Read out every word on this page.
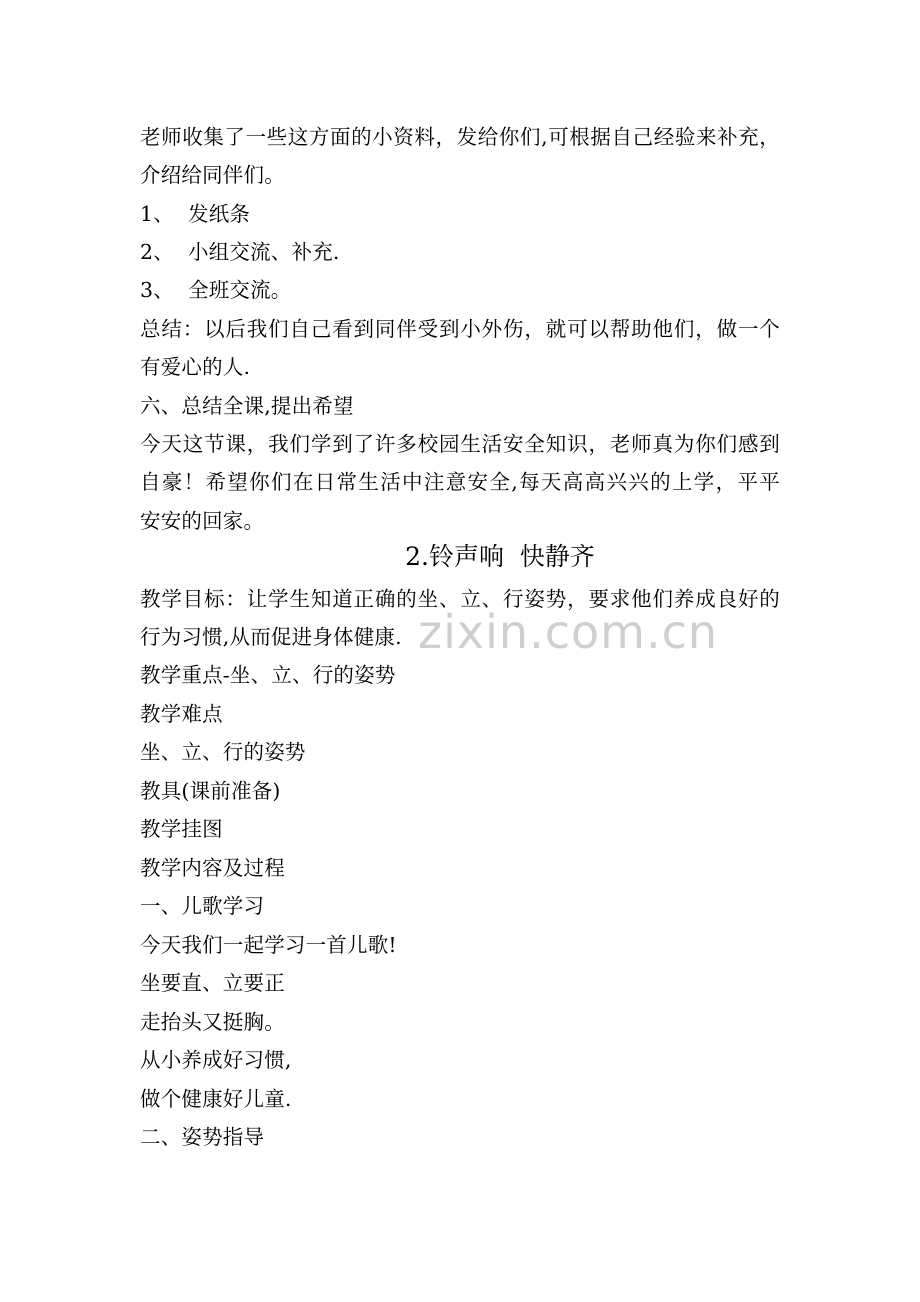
老师收集了一些这方面的小资料，发给你们,可根据自己经验来补充，
介绍给同伴们。
1、 发纸条
2、 小组交流、补充.
3、 全班交流。
总结：以后我们自己看到同伴受到小外伤，就可以帮助他们，做一个
有爱心的人.
六、总结全课,提出希望
今天这节课，我们学到了许多校园生活安全知识，老师真为你们感到
自豪！希望你们在日常生活中注意安全,每天高高兴兴的上学，平平
安安的回家。
2.铃声响  快静齐
zixin.com.cn
教学目标：让学生知道正确的坐、立、行姿势，要求他们养成良好的
行为习惯,从而促进身体健康.
教学重点-坐、立、行的姿势
教学难点
坐、立、行的姿势
教具(课前准备)
教学挂图
教学内容及过程
一、儿歌学习
今天我们一起学习一首儿歌!
坐要直、立要正
走抬头又挺胸。
从小养成好习惯,
做个健康好儿童.
二、姿势指导
